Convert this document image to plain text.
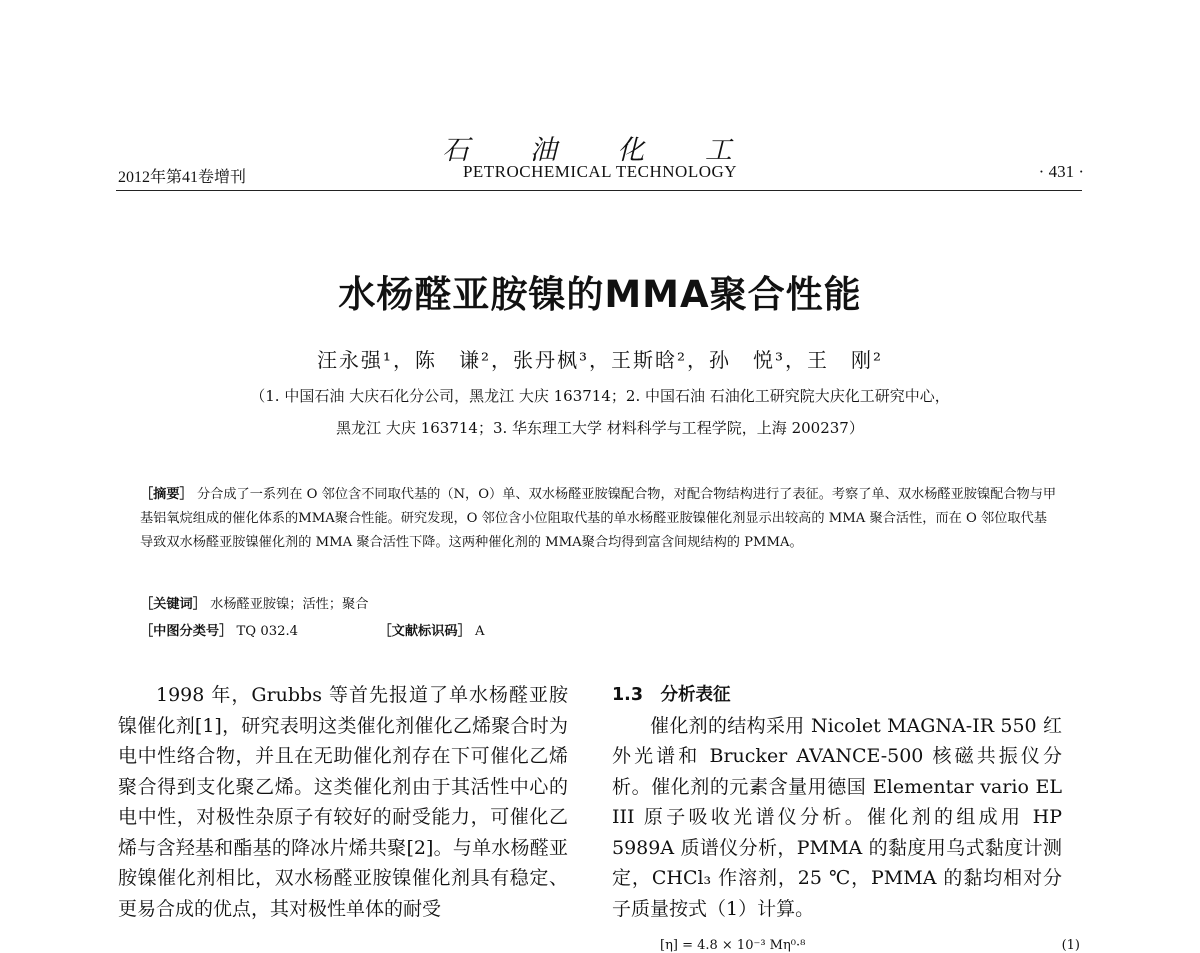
石 油 化 工
2012年第41卷增刊	PETROCHEMICAL TECHNOLOGY	· 431 ·
水杨醛亚胺镍的MMA聚合性能
汪永强¹，陈　谦²，张丹枫³，王斯晗²，孙　悦³，王　刚²
（1. 中国石油 大庆石化分公司，黑龙江 大庆 163714；2. 中国石油 石油化工研究院大庆化工研究中心，
黑龙江 大庆 163714；3. 华东理工大学 材料科学与工程学院，上海 200237）
［摘要］ 分合成了一系列在 O 邻位含不同取代基的（N，O）单、双水杨醛亚胺镍配合物，对配合物结构进行了表征。考察了单、双水杨醛亚胺镍配合物与甲基铝氧烷组成的催化体系的MMA聚合性能。研究发现，O 邻位含小位阻取代基的单水杨醛亚胺镍催化剂显示出较高的 MMA 聚合活性，而在 O 邻位取代基导致双水杨醛亚胺镍催化剂的 MMA 聚合活性下降。这两种催化剂的 MMA聚合均得到富含间规结构的 PMMA。
［关键词］ 水杨醛亚胺镍；活性；聚合
［中图分类号］ TQ 032.4	［文献标识码］ A
1998 年，Grubbs 等首先报道了单水杨醛亚胺镍催化剂[1]，研究表明这类催化剂催化乙烯聚合时为电中性络合物，并且在无助催化剂存在下可催化乙烯聚合得到支化聚乙烯。这类催化剂由于其活性中心的电中性，对极性杂原子有较好的耐受能力，可催化乙烯与含羟基和酯基的降冰片烯共聚[2]。与单水杨醛亚胺镍催化剂相比，双水杨醛亚胺镍催化剂具有稳定、更易合成的优点，其对极性单体的耐受
1.3　分析表征
催化剂的结构采用 Nicolet MAGNA-IR 550 红外光谱和 Brucker AVANCE-500 核磁共振仪分析。催化剂的元素含量用德国 Elementar vario EL III 原子吸收光谱仪分析。催化剂的组成用 HP 5989A 质谱仪分析，PMMA 的黏度用乌式黏度计测定，CHCl₃ 作溶剂，25 ℃，PMMA 的黏均相对分子质量按式（1）计算。
[η] = 4.8 × 10⁻³ Mη⁰·⁸	(1)
